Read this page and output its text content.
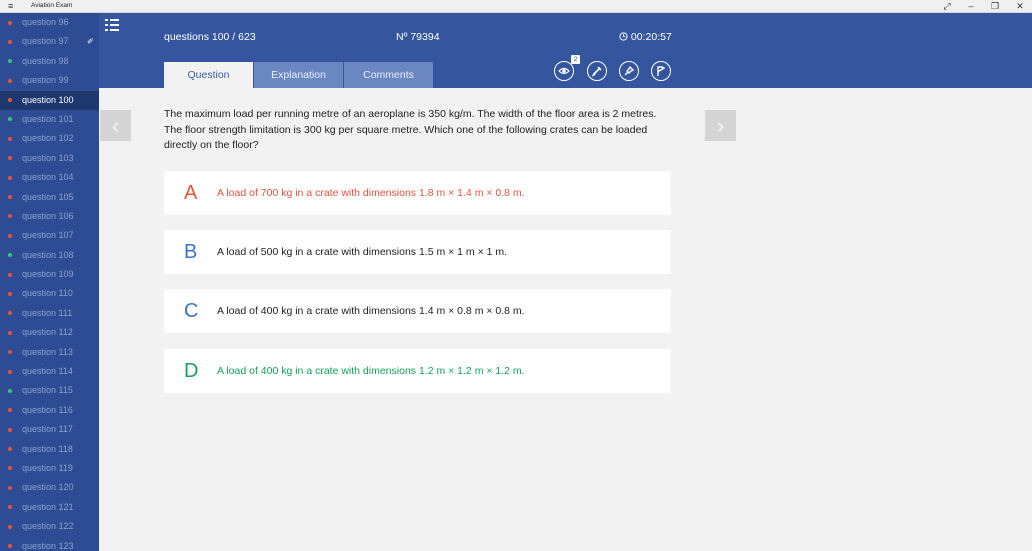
≡	Aviation Exam	⤢	–	❐	✕
question 96
question 97 ✐
question 98
question 99
question 100
question 101
question 102
question 103
question 104
question 105
question 106
question 107
question 108
question 109
question 110
question 111
question 112
question 113
question 114
question 115
question 116
question 117
question 118
question 119
question 120
question 121
question 122
question 123
questions 100 / 623	Nº 79394	00:20:57
Question	Explanation	Comments
2
‹	›
The maximum load per running metre of an aeroplane is 350 kg/m. The width of the floor area is 2 metres. The floor strength limitation is 300 kg per square metre. Which one of the following crates can be loaded directly on the floor?
A A load of 700 kg in a crate with dimensions 1.8 m × 1.4 m × 0.8 m.
B A load of 500 kg in a crate with dimensions 1.5 m × 1 m × 1 m.
C A load of 400 kg in a crate with dimensions 1.4 m × 0.8 m × 0.8 m.
D A load of 400 kg in a crate with dimensions 1.2 m × 1.2 m × 1.2 m.
